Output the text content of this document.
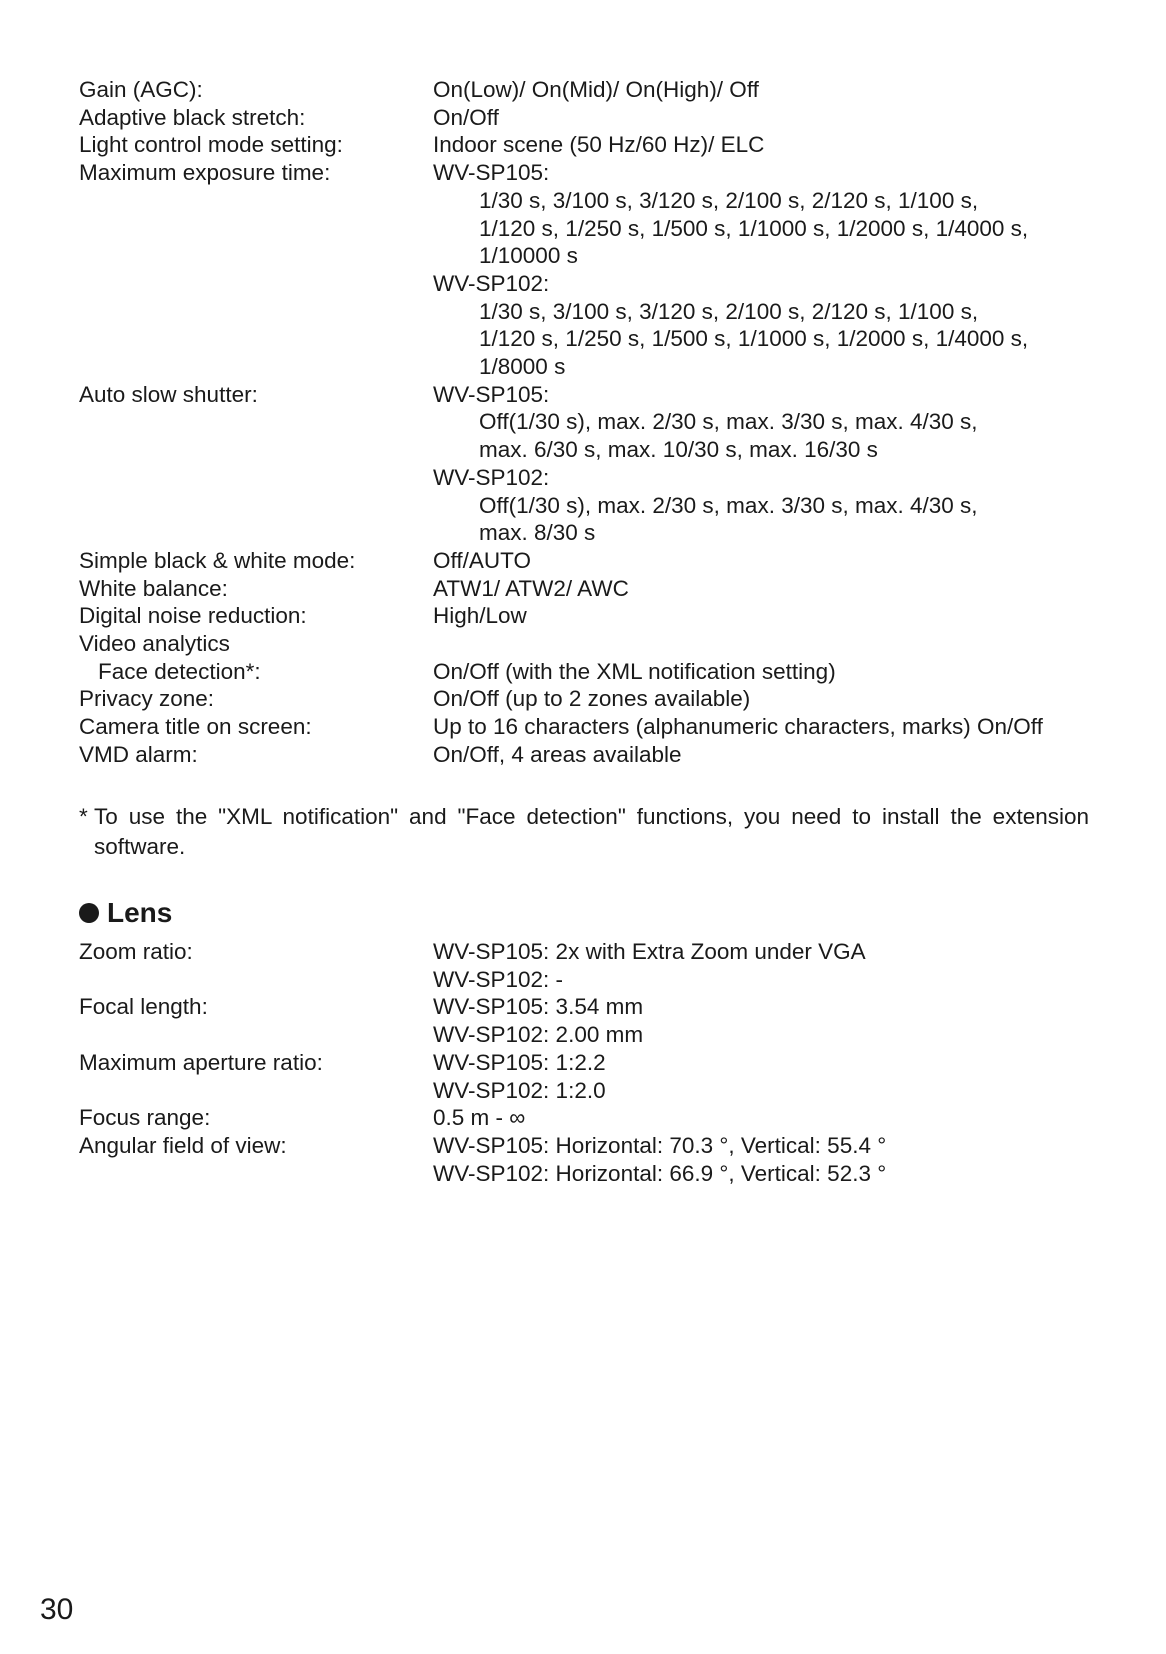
Gain (AGC):	On(Low)/ On(Mid)/ On(High)/ Off
Adaptive black stretch:	On/Off
Light control mode setting:	Indoor scene (50 Hz/60 Hz)/ ELC
Maximum exposure time:	WV-SP105:
1/30 s, 3/100 s, 3/120 s, 2/100 s, 2/120 s, 1/100 s,
1/120 s, 1/250 s, 1/500 s, 1/1000 s, 1/2000 s, 1/4000 s,
1/10000 s
WV-SP102:
1/30 s, 3/100 s, 3/120 s, 2/100 s, 2/120 s, 1/100 s,
1/120 s, 1/250 s, 1/500 s, 1/1000 s, 1/2000 s, 1/4000 s,
1/8000 s
Auto slow shutter:	WV-SP105:
Off(1/30 s), max. 2/30 s, max. 3/30 s, max. 4/30 s,
max. 6/30 s, max. 10/30 s, max. 16/30 s
WV-SP102:
Off(1/30 s), max. 2/30 s, max. 3/30 s, max. 4/30 s,
max. 8/30 s
Simple black & white mode:	Off/AUTO
White balance:	ATW1/ ATW2/ AWC
Digital noise reduction:	High/Low
Video analytics
Face detection*:	On/Off (with the XML notification setting)
Privacy zone:	On/Off (up to 2 zones available)
Camera title on screen:	Up to 16 characters (alphanumeric characters, marks) On/Off
VMD alarm:	On/Off, 4 areas available
* To use the "XML notification" and "Face detection" functions, you need to install the extension software.
Lens
Zoom ratio:	WV-SP105: 2x with Extra Zoom under VGA
WV-SP102: -
Focal length:	WV-SP105: 3.54 mm
WV-SP102: 2.00 mm
Maximum aperture ratio:	WV-SP105: 1:2.2
WV-SP102: 1:2.0
Focus range:	0.5 m - ∞
Angular field of view:	WV-SP105: Horizontal: 70.3 °, Vertical: 55.4 °
WV-SP102: Horizontal: 66.9 °, Vertical: 52.3 °
30
